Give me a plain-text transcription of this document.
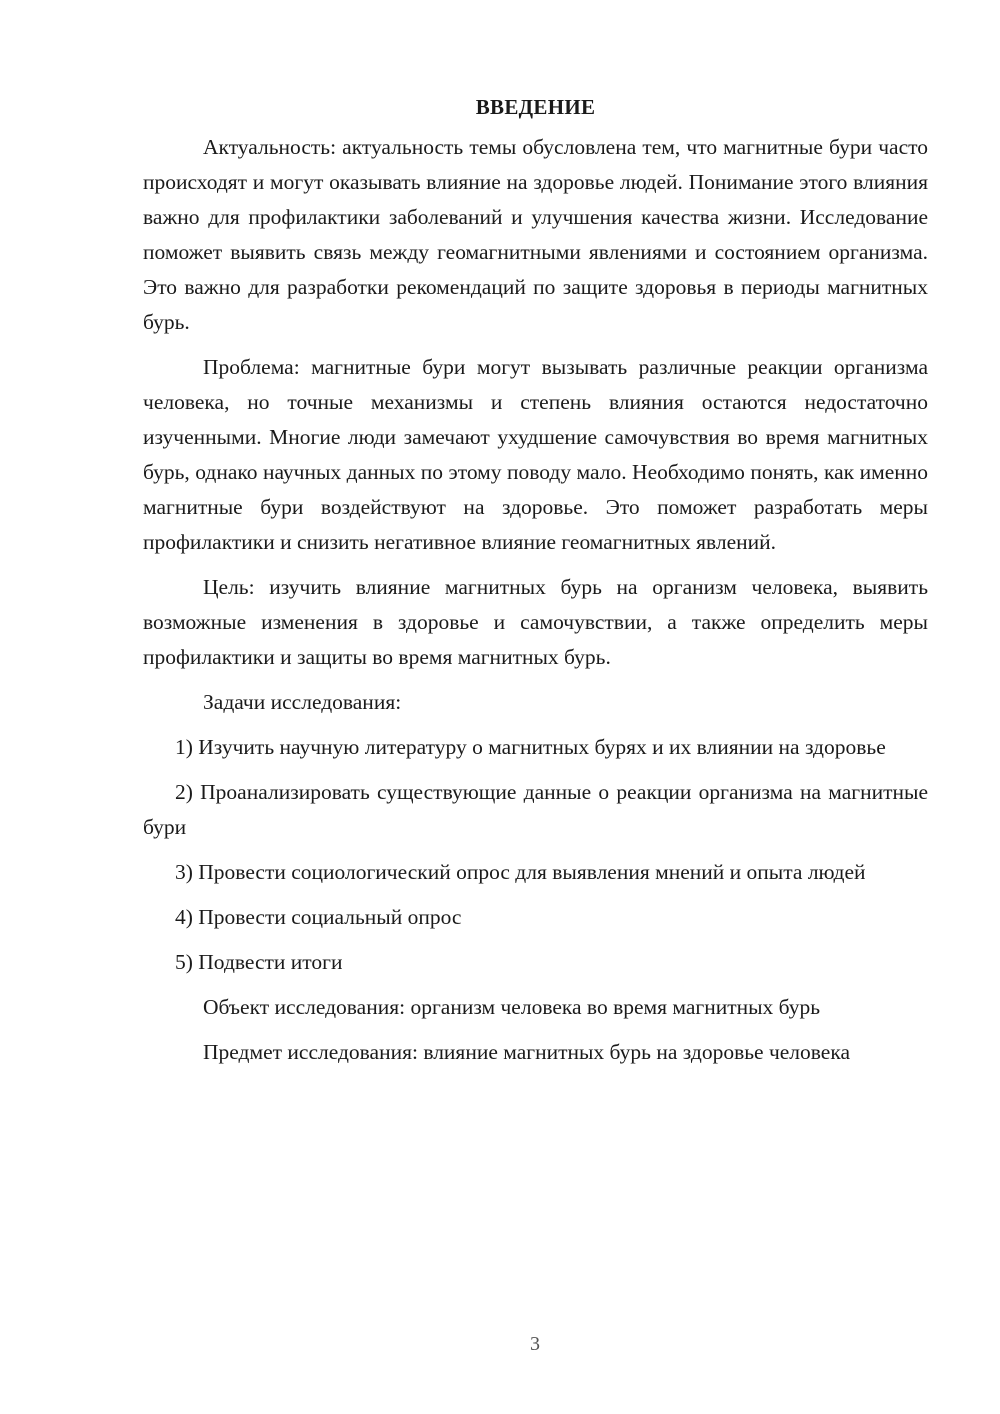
ВВЕДЕНИЕ

Актуальность: актуальность темы обусловлена тем, что магнитные бури часто происходят и могут оказывать влияние на здоровье людей. Понимание этого влияния важно для профилактики заболеваний и улучшения качества жизни. Исследование поможет выявить связь между геомагнитными явлениями и состоянием организма. Это важно для разработки рекомендаций по защите здоровья в периоды магнитных бурь.

Проблема: магнитные бури могут вызывать различные реакции организма человека, но точные механизмы и степень влияния остаются недостаточно изученными. Многие люди замечают ухудшение самочувствия во время магнитных бурь, однако научных данных по этому поводу мало. Необходимо понять, как именно магнитные бури воздействуют на здоровье. Это поможет разработать меры профилактики и снизить негативное влияние геомагнитных явлений.

Цель: изучить влияние магнитных бурь на организм человека, выявить возможные изменения в здоровье и самочувствии, а также определить меры профилактики и защиты во время магнитных бурь.

Задачи исследования:

1) Изучить научную литературу о магнитных бурях и их влиянии на здоровье

2) Проанализировать существующие данные о реакции организма на магнитные бури

3) Провести социологический опрос для выявления мнений и опыта людей

4) Провести социальный опрос

5) Подвести итоги

Объект исследования: организм человека во время магнитных бурь

Предмет исследования: влияние магнитных бурь на здоровье человека

3
